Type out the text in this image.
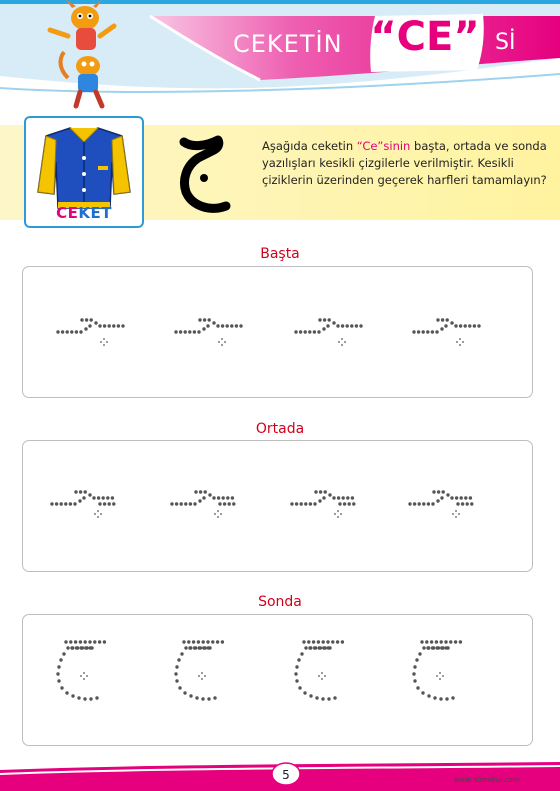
CEKETİN “CE” Sİ
CEKET
Aşağıda ceketin “Ce”sinin başta, ortada ve sonda yazılışları kesikli çizgilerle verilmiştir. Kesikli çiziklerin üzerinden geçerek harfleri tamamlayın?
Başta
Ortada
Sonda
5	www.Sizeokul.com
